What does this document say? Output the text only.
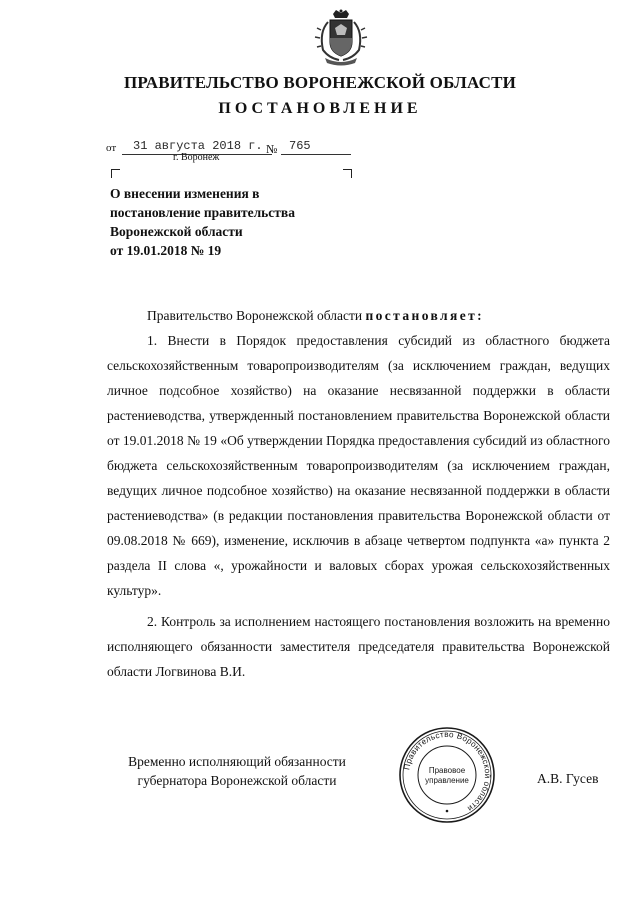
ПРАВИТЕЛЬСТВО ВОРОНЕЖСКОЙ ОБЛАСТИ
ПОСТАНОВЛЕНИЕ
от 31 августа 2018 г. № 765
г. Воронеж
О внесении изменения в
постановление правительства
Воронежской области
от 19.01.2018 № 19
Правительство Воронежской области постановляет:

1. Внести в Порядок предоставления субсидий из областного бюджета сельскохозяйственным товаропроизводителям (за исключением граждан, ведущих личное подсобное хозяйство) на оказание несвязанной поддержки в области растениеводства, утвержденный постановлением правительства Воронежской области от 19.01.2018 № 19 «Об утверждении Порядка предоставления субсидий из областного бюджета сельскохозяйственным товаропроизводителям (за исключением граждан, ведущих личное подсобное хозяйство) на оказание несвязанной поддержки в области растениеводства» (в редакции постановления правительства Воронежской области от 09.08.2018 № 669), изменение, исключив в абзаце четвертом подпункта «а» пункта 2 раздела II слова «, урожайности и валовых сборах урожая сельскохозяйственных культур».

2. Контроль за исполнением настоящего постановления возложить на временно исполняющего обязанности заместителя председателя правительства Воронежской области Логвинова В.И.

Временно исполняющий обязанности
губернатора Воронежской области
Правительство Воронежской области
Правовое
управление	А.В. Гусев
